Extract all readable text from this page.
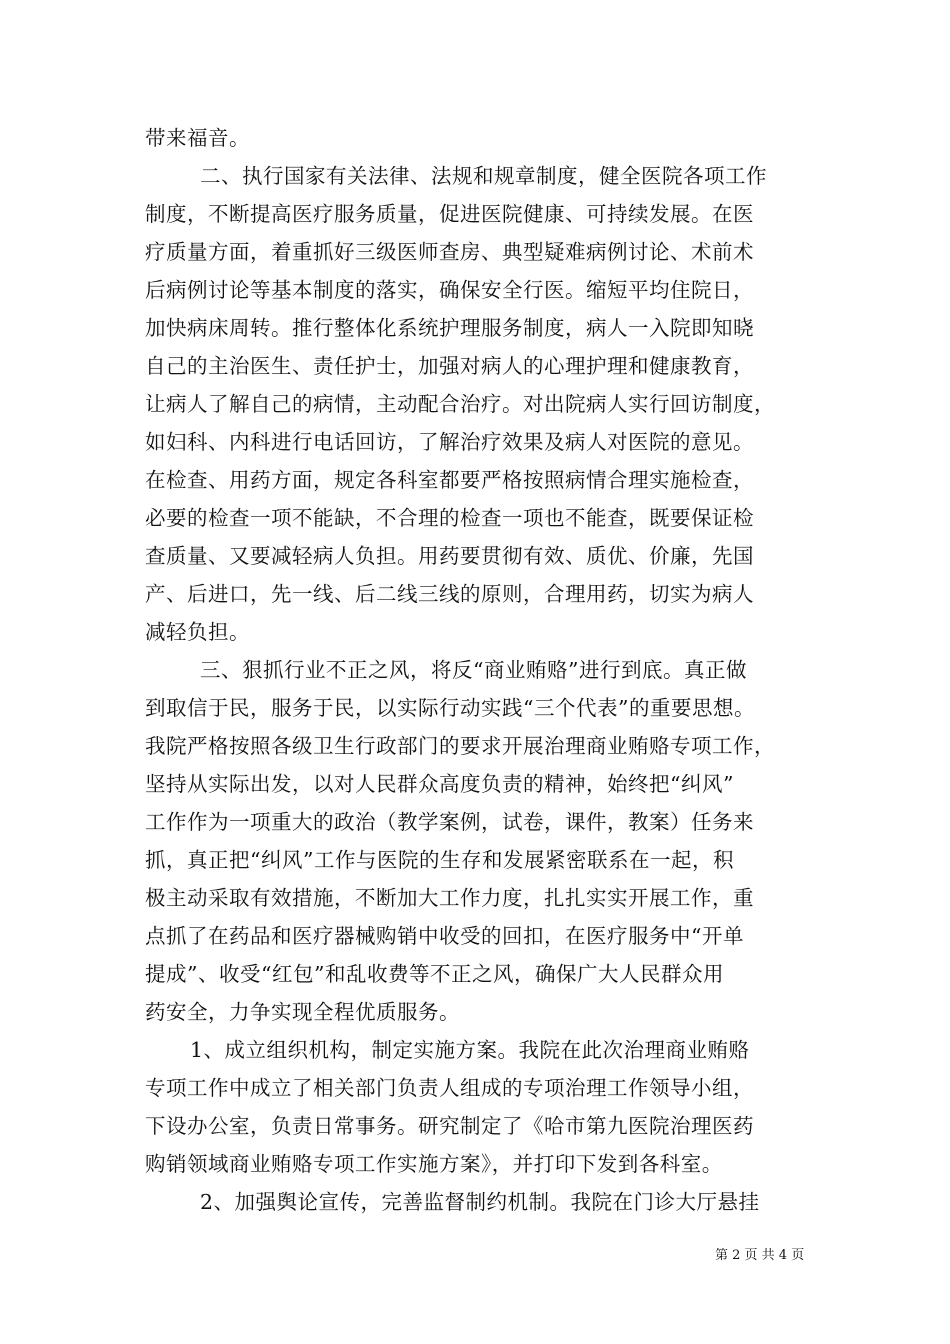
带来福音。
二、执行国家有关法律、法规和规章制度，健全医院各项工作
制度，不断提高医疗服务质量，促进医院健康、可持续发展。在医
疗质量方面，着重抓好三级医师查房、典型疑难病例讨论、术前术
后病例讨论等基本制度的落实，确保安全行医。缩短平均住院日，
加快病床周转。推行整体化系统护理服务制度，病人一入院即知晓
自己的主治医生、责任护士，加强对病人的心理护理和健康教育，
让病人了解自己的病情，主动配合治疗。对出院病人实行回访制度，
如妇科、内科进行电话回访，了解治疗效果及病人对医院的意见。
在检查、用药方面，规定各科室都要严格按照病情合理实施检查，
必要的检查一项不能缺，不合理的检查一项也不能查，既要保证检
查质量、又要减轻病人负担。用药要贯彻有效、质优、价廉，先国
产、后进口，先一线、后二线三线的原则，合理用药，切实为病人
减轻负担。
三、狠抓行业不正之风，将反“商业贿赂”进行到底。真正做
到取信于民，服务于民，以实际行动实践“三个代表”的重要思想。
我院严格按照各级卫生行政部门的要求开展治理商业贿赂专项工作，
坚持从实际出发，以对人民群众高度负责的精神，始终把“纠风”
工作作为一项重大的政治（教学案例，试卷，课件，教案）任务来
抓，真正把“纠风”工作与医院的生存和发展紧密联系在一起，积
极主动采取有效措施，不断加大工作力度，扎扎实实开展工作，重
点抓了在药品和医疗器械购销中收受的回扣，在医疗服务中“开单
提成”、收受“红包”和乱收费等不正之风，确保广大人民群众用
药安全，力争实现全程优质服务。
1、成立组织机构，制定实施方案。我院在此次治理商业贿赂
专项工作中成立了相关部门负责人组成的专项治理工作领导小组，
下设办公室，负责日常事务。研究制定了《哈市第九医院治理医药
购销领域商业贿赂专项工作实施方案》，并打印下发到各科室。
2、加强舆论宣传，完善监督制约机制。我院在门诊大厅悬挂
第 2 页 共 4 页
